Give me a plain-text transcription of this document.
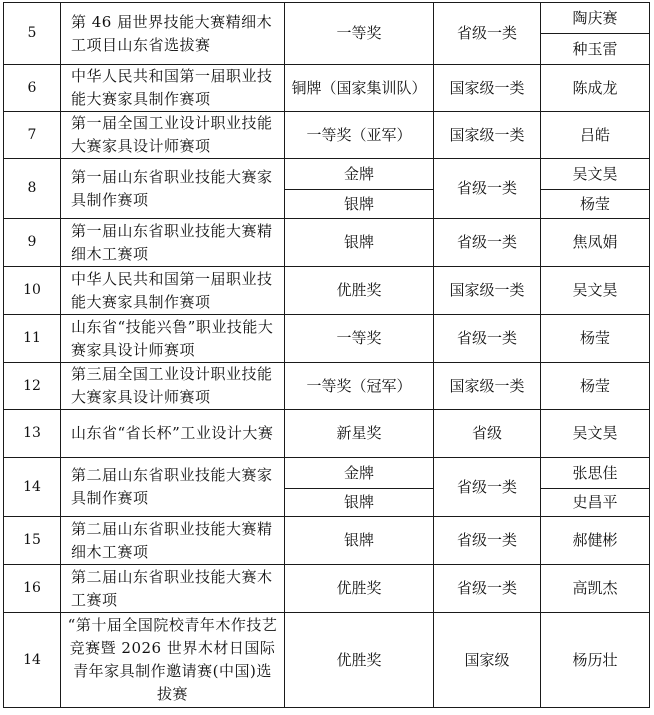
5	第 46 届世界技能大赛精细木工项目山东省选拔赛	一等奖	省级一类	陶庆赛
				种玉雷
6	中华人民共和国第一届职业技能大赛家具制作赛项	铜牌（国家集训队）	国家级一类	陈成龙
7	第一届全国工业设计职业技能大赛家具设计师赛项	一等奖（亚军）	国家级一类	吕皓
8	第一届山东省职业技能大赛家具制作赛项	金牌	省级一类	吴文昊
		银牌		杨莹
9	第一届山东省职业技能大赛精细木工赛项	银牌	省级一类	焦凤娟
10	中华人民共和国第一届职业技能大赛家具制作赛项	优胜奖	国家级一类	吴文昊
11	山东省“技能兴鲁”职业技能大赛家具设计师赛项	一等奖	省级一类	杨莹
12	第三届全国工业设计职业技能大赛家具设计师赛项	一等奖（冠军）	国家级一类	杨莹
13	山东省“省长杯”工业设计大赛	新星奖	省级	吴文昊
14	第二届山东省职业技能大赛家具制作赛项	金牌	省级一类	张思佳
		银牌		史昌平
15	第二届山东省职业技能大赛精细木工赛项	银牌	省级一类	郝健彬
16	第二届山东省职业技能大赛木工赛项	优胜奖	省级一类	高凯杰
14	“第十届全国院校青年木作技艺竞赛暨 2026 世界木材日国际青年家具制作邀请赛(中国)选拔赛	优胜奖	国家级	杨历壮
